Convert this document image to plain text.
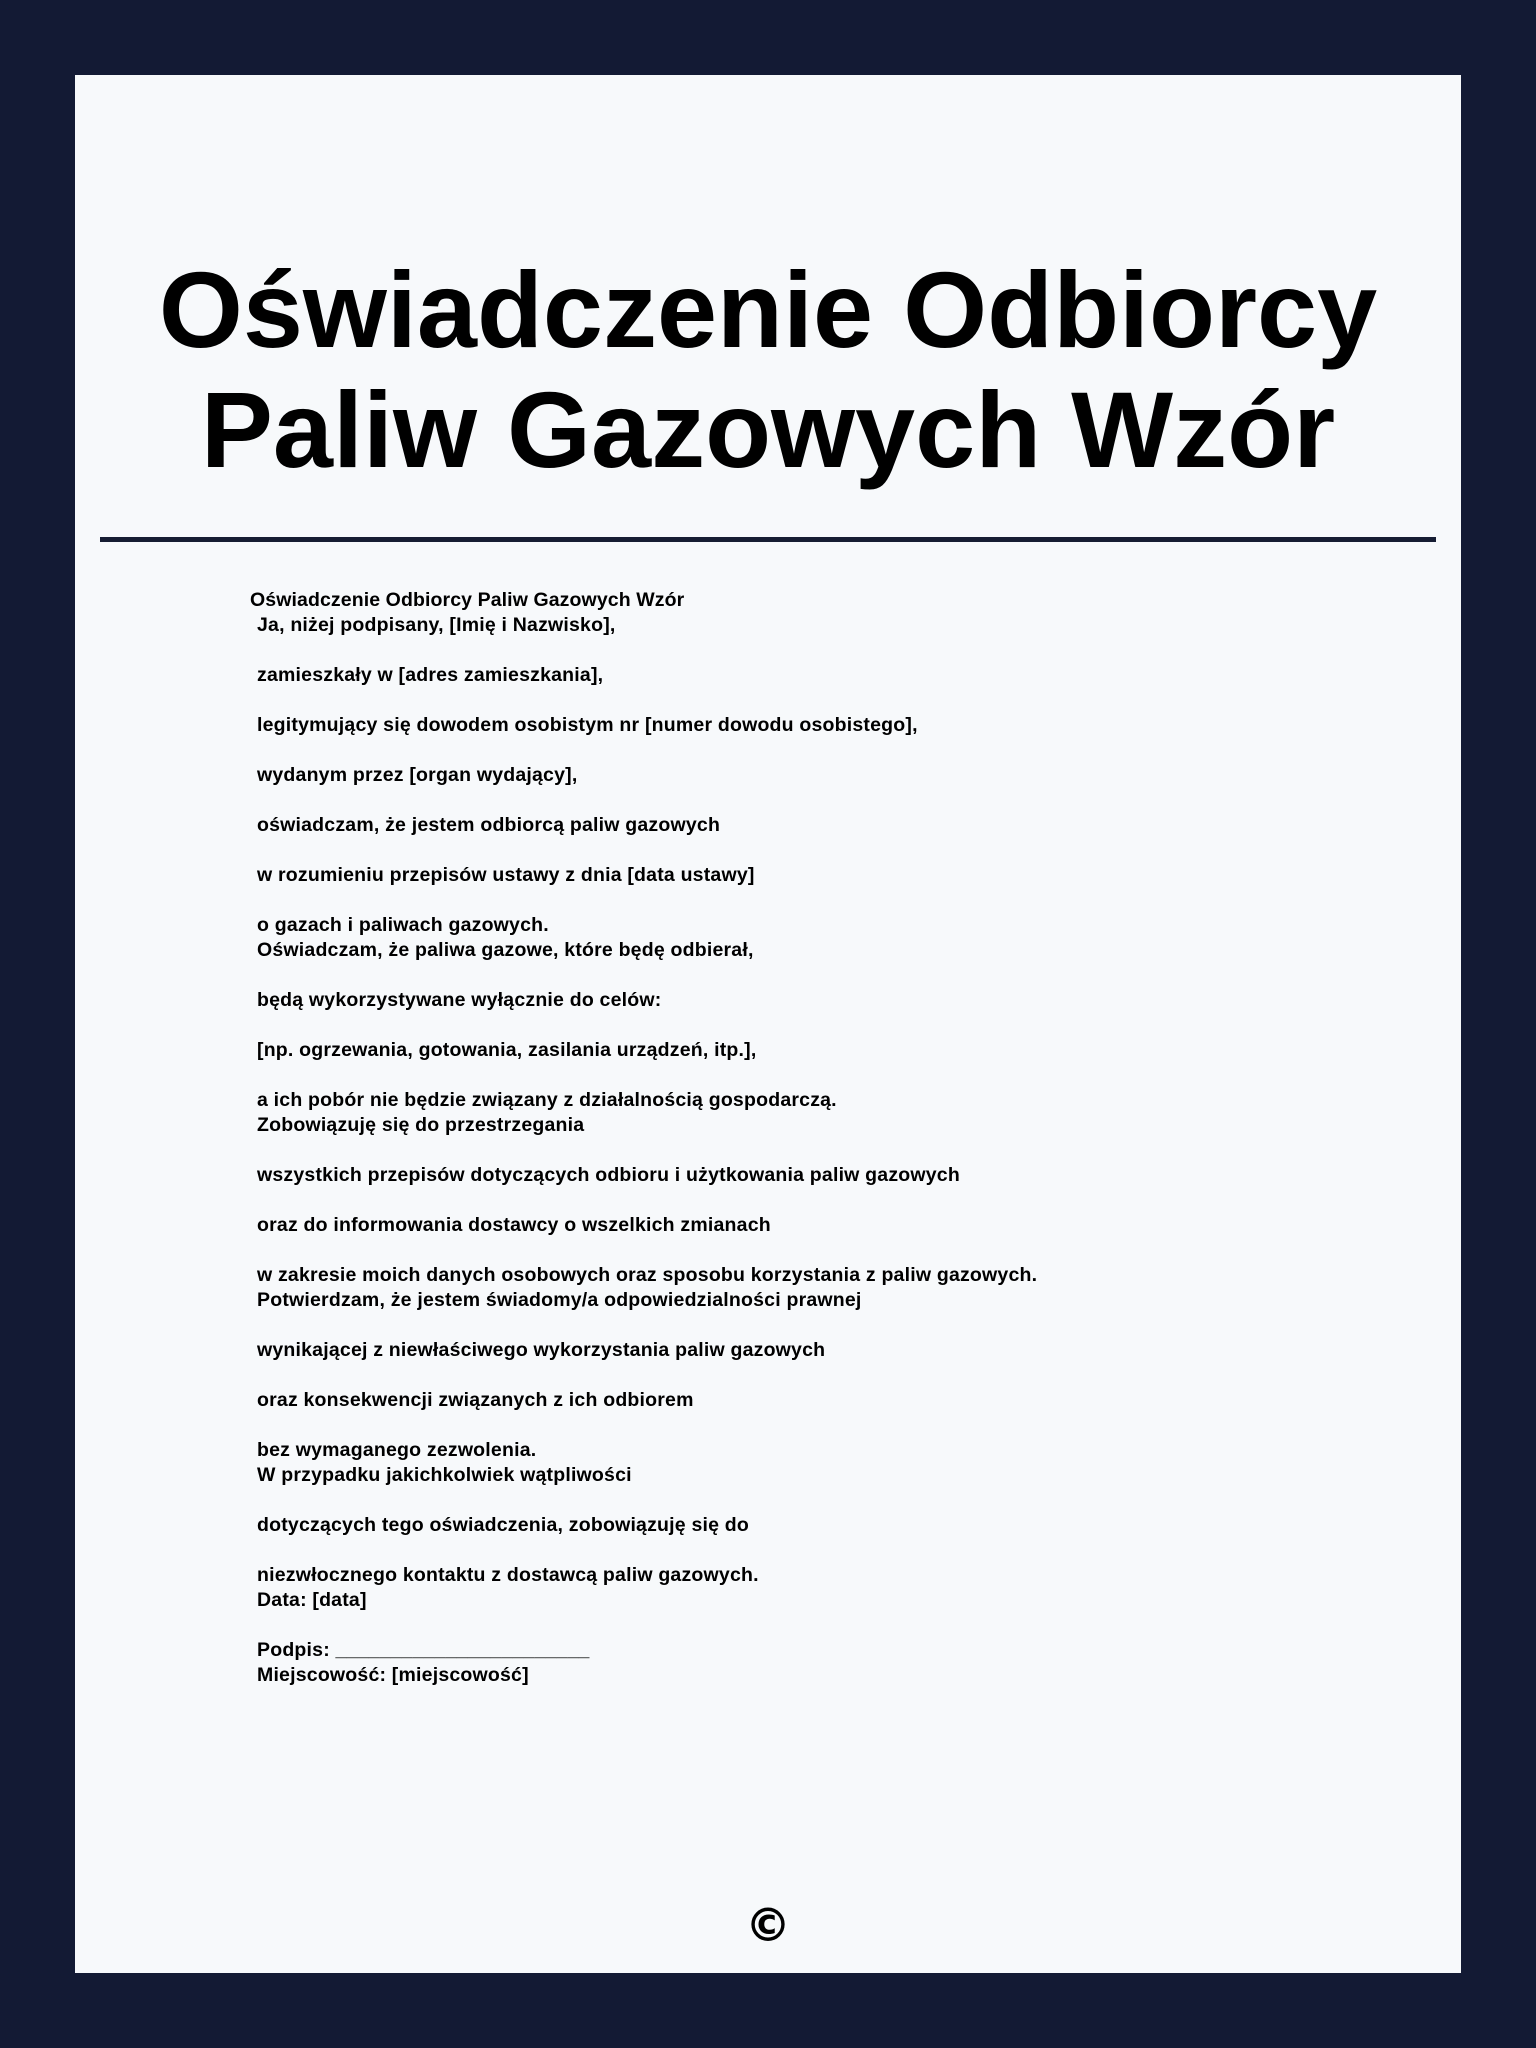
Oświadczenie Odbiorcy
Paliw Gazowych Wzór

Oświadczenie Odbiorcy Paliw Gazowych Wzór

Ja, niżej podpisany, [Imię i Nazwisko],
zamieszkały w [adres zamieszkania],
legitymujący się dowodem osobistym nr [numer dowodu osobistego],
wydanym przez [organ wydający],
oświadczam, że jestem odbiorcą paliw gazowych
w rozumieniu przepisów ustawy z dnia [data ustawy]
o gazach i paliwach gazowych.
Oświadczam, że paliwa gazowe, które będę odbierał,
będą wykorzystywane wyłącznie do celów:
[np. ogrzewania, gotowania, zasilania urządzeń, itp.],
a ich pobór nie będzie związany z działalnością gospodarczą.
Zobowiązuję się do przestrzegania
wszystkich przepisów dotyczących odbioru i użytkowania paliw gazowych
oraz do informowania dostawcy o wszelkich zmianach
w zakresie moich danych osobowych oraz sposobu korzystania z paliw gazowych.
Potwierdzam, że jestem świadomy/a odpowiedzialności prawnej
wynikającej z niewłaściwego wykorzystania paliw gazowych
oraz konsekwencji związanych z ich odbiorem
bez wymaganego zezwolenia.
W przypadku jakichkolwiek wątpliwości
dotyczących tego oświadczenia, zobowiązuję się do
niezwłocznego kontaktu z dostawcą paliw gazowych.
Data: [data]
Podpis: _______________________
Miejscowość: [miejscowość]
©
